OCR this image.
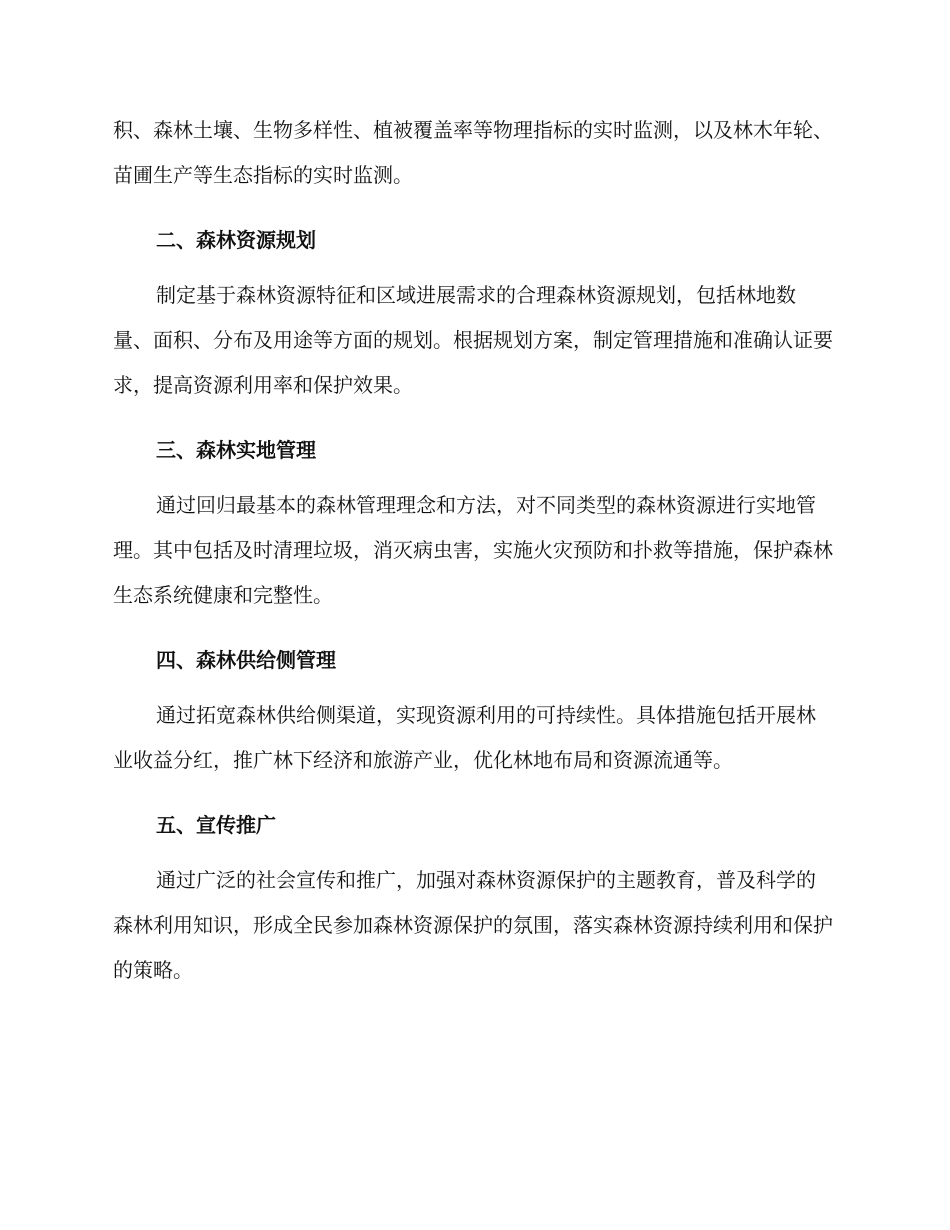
积、森林土壤、生物多样性、植被覆盖率等物理指标的实时监测，以及林木年轮、苗圃生产等生态指标的实时监测。

二、森林资源规划

制定基于森林资源特征和区域进展需求的合理森林资源规划，包括林地数量、面积、分布及用途等方面的规划。根据规划方案，制定管理措施和准确认证要求，提高资源利用率和保护效果。

三、森林实地管理

通过回归最基本的森林管理理念和方法，对不同类型的森林资源进行实地管理。其中包括及时清理垃圾，消灭病虫害，实施火灾预防和扑救等措施，保护森林生态系统健康和完整性。

四、森林供给侧管理

通过拓宽森林供给侧渠道，实现资源利用的可持续性。具体措施包括开展林业收益分红，推广林下经济和旅游产业，优化林地布局和资源流通等。

五、宣传推广

通过广泛的社会宣传和推广，加强对森林资源保护的主题教育，普及科学的森林利用知识，形成全民参加森林资源保护的氛围，落实森林资源持续利用和保护的策略。
